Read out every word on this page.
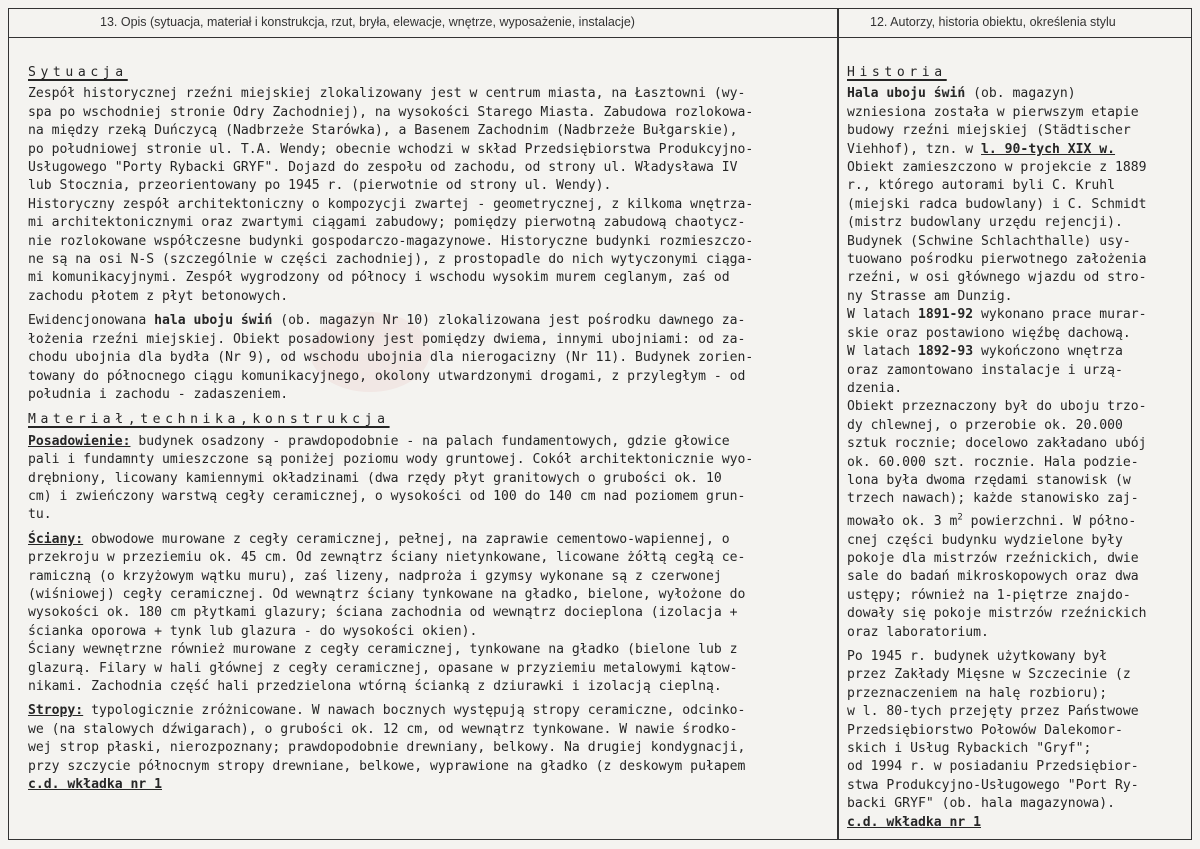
13. Opis (sytuacja, materiał i konstrukcja, rzut, bryła, elewacje, wnętrze, wyposażenie, instalacje)	12. Autorzy, historia obiektu, określenia stylu
Sytuacja

Zespół historycznej rzeźni miejskiej zlokalizowany jest w centrum miasta, na Łasztowni (wy-
spa po wschodniej stronie Odry Zachodniej), na wysokości Starego Miasta. Zabudowa rozlokowa-
na między rzeką Duńczycą (Nadbrzeże Starówka), a Basenem Zachodnim (Nadbrzeże Bułgarskie),
po południowej stronie ul. T.A. Wendy; obecnie wchodzi w skład Przedsiębiorstwa Produkcyjno-
Usługowego "Porty Rybacki GRYF". Dojazd do zespołu od zachodu, od strony ul. Władysława IV
lub Stocznia, przeorientowany po 1945 r. (pierwotnie od strony ul. Wendy).
Historyczny zespół architektoniczny o kompozycji zwartej - geometrycznej, z kilkoma wnętrza-
mi architektonicznymi oraz zwartymi ciągami zabudowy; pomiędzy pierwotną zabudową chaotycz-
nie rozlokowane współczesne budynki gospodarczo-magazynowe. Historyczne budynki rozmieszczo-
ne są na osi N-S (szczególnie w części zachodniej), z prostopadle do nich wytyczonymi ciąga-
mi komunikacyjnymi. Zespół wygrodzony od północy i wschodu wysokim murem ceglanym, zaś od
zachodu płotem z płyt betonowych.

Ewidencjonowana hala uboju świń (ob. magazyn Nr 10) zlokalizowana jest pośrodku dawnego za-
łożenia rzeźni miejskiej. Obiekt posadowiony jest pomiędzy dwiema, innymi ubojniami: od za-
chodu ubojnia dla bydła (Nr 9), od wschodu ubojnia dla nierogacizny (Nr 11). Budynek zorien-
towany do północnego ciągu komunikacyjnego, okolony utwardzonymi drogami, z przyległym - od
południa i zachodu - zadaszeniem.

Materiał,technika,konstrukcja

Posadowienie: budynek osadzony - prawdopodobnie - na palach fundamentowych, gdzie głowice
pali i fundamnty umieszczone są poniżej poziomu wody gruntowej. Cokół architektonicznie wyo-
drębniony, licowany kamiennymi okładzinami (dwa rzędy płyt granitowych o grubości ok. 10
cm) i zwieńczony warstwą cegły ceramicznej, o wysokości od 100 do 140 cm nad poziomem grun-
tu.

Ściany: obwodowe murowane z cegły ceramicznej, pełnej, na zaprawie cementowo-wapiennej, o
przekroju w przeziemiu ok. 45 cm. Od zewnątrz ściany nietynkowane, licowane żółtą cegłą ce-
ramiczną (o krzyżowym wątku muru), zaś lizeny, nadproża i gzymsy wykonane są z czerwonej
(wiśniowej) cegły ceramicznej. Od wewnątrz ściany tynkowane na gładko, bielone, wyłożone do
wysokości ok. 180 cm płytkami glazury; ściana zachodnia od wewnątrz docieplona (izolacja +
ścianka oporowa + tynk lub glazura - do wysokości okien).
Ściany wewnętrzne również murowane z cegły ceramicznej, tynkowane na gładko (bielone lub z
glazurą. Filary w hali głównej z cegły ceramicznej, opasane w przyziemiu metalowymi kątow-
nikami. Zachodnia część hali przedzielona wtórną ścianką z dziurawki i izolacją cieplną.

Stropy: typologicznie zróżnicowane. W nawach bocznych występują stropy ceramiczne, odcinko-
we (na stalowych dźwigarach), o grubości ok. 12 cm, od wewnątrz tynkowane. W nawie środko-
wej strop płaski, nierozpoznany; prawdopodobnie drewniany, belkowy. Na drugiej kondygnacji,
przy szczycie północnym stropy drewniane, belkowe, wyprawione na gładko (z deskowym pułapem
c.d. wkładka nr 1

Historia

Hala uboju świń (ob. magazyn)
wzniesiona została w pierwszym etapie
budowy rzeźni miejskiej (Städtischer
Viehhof), tzn. w l. 90-tych XIX w.
Obiekt zamieszczono w projekcie z 1889
r., którego autorami byli C. Kruhl
(miejski radca budowlany) i C. Schmidt
(mistrz budowlany urzędu rejencji).
Budynek (Schwine Schlachthalle) usy-
tuowano pośrodku pierwotnego założenia
rzeźni, w osi głównego wjazdu od stro-
ny Strasse am Dunzig.
W latach 1891-92 wykonano prace murar-
skie oraz postawiono więźbę dachową.
W latach 1892-93 wykończono wnętrza
oraz zamontowano instalacje i urzą-
dzenia.
Obiekt przeznaczony był do uboju trzo-
dy chlewnej, o przerobie ok. 20.000
sztuk rocznie; docelowo zakładano ubój
ok. 60.000 szt. rocznie. Hala podzie-
lona była dwoma rzędami stanowisk (w
trzech nawach); każde stanowisko zaj-
mowało ok. 3 $m^2$ powierzchni. W półno-
cnej części budynku wydzielone były
pokoje dla mistrzów rzeźnickich, dwie
sale do badań mikroskopowych oraz dwa
ustępy; również na 1-piętrze znajdo-
dowały się pokoje mistrzów rzeźnickich
oraz laboratorium.

Po 1945 r. budynek użytkowany był
przez Zakłady Mięsne w Szczecinie (z
przeznaczeniem na halę rozbioru);
w l. 80-tych przejęty przez Państwowe
Przedsiębiorstwo Połowów Dalekomor-
skich i Usług Rybackich "Gryf";
od 1994 r. w posiadaniu Przedsiębior-
stwa Produkcyjno-Usługowego "Port Ry-
backi GRYF" (ob. hala magazynowa).
c.d. wkładka nr 1
